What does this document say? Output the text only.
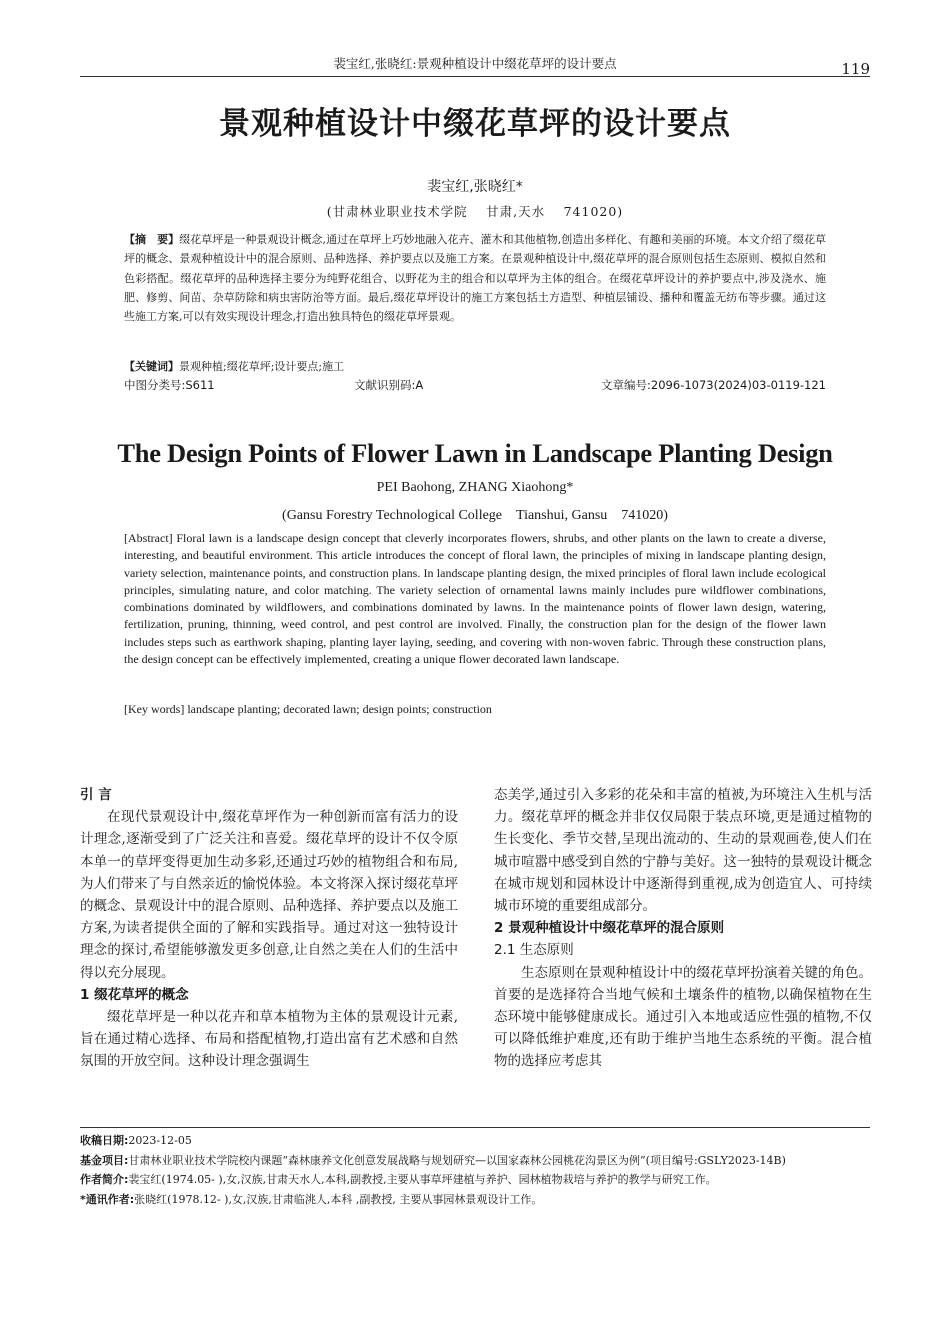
裴宝红,张晓红:景观种植设计中缀花草坪的设计要点	119
景观种植设计中缀花草坪的设计要点
裴宝红,张晓红*
(甘肃林业职业技术学院　 甘肃,天水　 741020)
【摘　要】缀花草坪是一种景观设计概念,通过在草坪上巧妙地融入花卉、灌木和其他植物,创造出多样化、有趣和美丽的环境。本文介绍了缀花草坪的概念、景观种植设计中的混合原则、品种选择、养护要点以及施工方案。在景观种植设计中,缀花草坪的混合原则包括生态原则、模拟自然和色彩搭配。缀花草坪的品种选择主要分为纯野花组合、以野花为主的组合和以草坪为主体的组合。在缀花草坪设计的养护要点中,涉及浇水、施肥、修剪、间苗、杂草防除和病虫害防治等方面。最后,缀花草坪设计的施工方案包括土方造型、种植层铺设、播种和覆盖无纺布等步骤。通过这些施工方案,可以有效实现设计理念,打造出独具特色的缀花草坪景观。
【关键词】景观种植;缀花草坪;设计要点;施工
中图分类号:S611	文献识别码:A	文章编号:2096-1073(2024)03-0119-121
The Design Points of Flower Lawn in Landscape Planting Design
PEI Baohong, ZHANG Xiaohong*
(Gansu Forestry Technological College　Tianshui, Gansu　741020)
[Abstract] Floral lawn is a landscape design concept that cleverly incorporates flowers, shrubs, and other plants on the lawn to create a diverse, interesting, and beautiful environment. This article introduces the concept of floral lawn, the principles of mixing in landscape planting design, variety selection, maintenance points, and construction plans. In landscape planting design, the mixed principles of floral lawn include ecological principles, simulating nature, and color matching. The variety selection of ornamental lawns mainly includes pure wildflower combinations, combinations dominated by wildflowers, and combinations dominated by lawns. In the maintenance points of flower lawn design, watering, fertilization, pruning, thinning, weed control, and pest control are involved. Finally, the construction plan for the design of the flower lawn includes steps such as earthwork shaping, planting layer laying, seeding, and covering with non-woven fabric. Through these construction plans, the design concept can be effectively implemented, creating a unique flower decorated lawn landscape.
[Key words] landscape planting; decorated lawn; design points; construction
引 言

在现代景观设计中,缀花草坪作为一种创新而富有活力的设计理念,逐渐受到了广泛关注和喜爱。缀花草坪的设计不仅令原本单一的草坪变得更加生动多彩,还通过巧妙的植物组合和布局,为人们带来了与自然亲近的愉悦体验。本文将深入探讨缀花草坪的概念、景观设计中的混合原则、品种选择、养护要点以及施工方案,为读者提供全面的了解和实践指导。通过对这一独特设计理念的探讨,希望能够激发更多创意,让自然之美在人们的生活中得以充分展现。

1 缀花草坪的概念

缀花草坪是一种以花卉和草本植物为主体的景观设计元素,旨在通过精心选择、布局和搭配植物,打造出富有艺术感和自然氛围的开放空间。这种设计理念强调生

态美学,通过引入多彩的花朵和丰富的植被,为环境注入生机与活力。缀花草坪的概念并非仅仅局限于装点环境,更是通过植物的生长变化、季节交替,呈现出流动的、生动的景观画卷,使人们在城市喧嚣中感受到自然的宁静与美好。这一独特的景观设计概念在城市规划和园林设计中逐渐得到重视,成为创造宜人、可持续城市环境的重要组成部分。

2 景观种植设计中缀花草坪的混合原则
2.1 生态原则

生态原则在景观种植设计中的缀花草坪扮演着关键的角色。首要的是选择符合当地气候和土壤条件的植物,以确保植物在生态环境中能够健康成长。通过引入本地或适应性强的植物,不仅可以降低维护难度,还有助于维护当地生态系统的平衡。混合植物的选择应考虑其

收稿日期:2023-12-05
基金项目:甘肃林业职业技术学院校内课题“森林康养文化创意发展战略与规划研究—以国家森林公园桃花沟景区为例”(项目编号:GSLY2023-14B)
作者简介:裴宝红(1974.05- ),女,汉族,甘肃天水人,本科,副教授,主要从事草坪建植与养护、园林植物栽培与养护的教学与研究工作。
*通讯作者:张晓红(1978.12- ),女,汉族,甘肃临洮人,本科 ,副教授, 主要从事园林景观设计工作。
